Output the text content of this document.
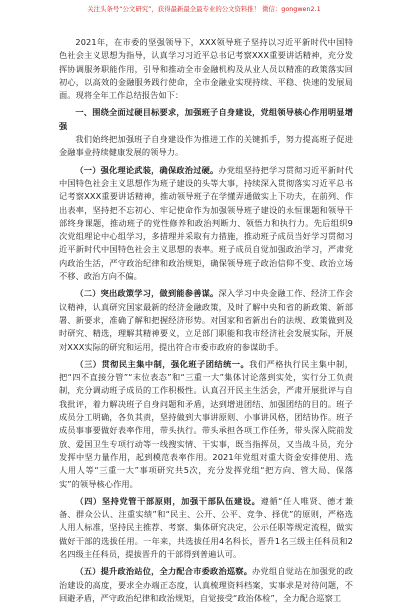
关注头条号“公文研究”，获得最新最全最专业的公文资料推！ 微信：gongwen2.1

2021年，在市委的坚强领导下，XXX领导班子坚持以习近平新时代中国特色社会主义思想为指导，认真学习习近平总书记考察XXX重要讲话精神，充分发挥协调服务职能作用，引导和推动全市金融机构及从业人员以精准的政策落实回初心，以高效的金融服务践行使命，全市金融业实现持续、平稳、快速的发展局面。现将全年工作总结报告如下：

一、围绕全面过硬目标要求，加强班子自身建设，党组领导核心作用明显增强

我们始终把加强班子自身建设作为推进工作的关键抓手，努力提高班子促进金融事业持续健康发展的领导力。

（一）强化理论武装，确保政治过硬。办党组坚持把学习贯彻习近平新时代中国特色社会主义思想作为班子建设的头等大事，持续深入贯彻落实习近平总书记考察XXX重要讲话精神，推动领导班子在学懂弄通做实上下功夫，在前列、作出表率，坚持把不忘初心、牢记使命作为加强领导班子建设的永恒课题和领导干部终身课题，推动班子的党性修养和政治判断力、领悟力和执行力。先后组织9次党组理论中心组学习，多措理并采取有力措施，推动班子成员当好学习贯彻习近平新时代中国特色社会主义思想的表率。班子成员自觉加强政治学习，严肃党内政治生活，严守政治纪律和政治规矩，确保领导班子政治信仰不变、政治立场不移、政治方向不偏。

（二）突出政策学习，做到能参善谋。深入学习中央金融工作、经济工作会议精神，认真研究国家最新的经济金融政策，及时了解中央和省的新政策、新部署、新要求，准确了解和把握经济形势。对国家和省新出台的法规、政策做到及时研究、精选，理解其精神要义，立足部门职能和我市经济社会发展实际，开展对XXX实际的研究和运用，提出符合市委市政府的参谋助手。

（三）贯彻民主集中制，强化班子团结统一。我们严格执行民主集中制，把“四不直接分管”“末位表态”和“三重一大”集体讨论落到实处，实行分工负责制，充分调动班子成员的工作积极性。认真召开民主生活会，严肃开展批评与自我批评，着力解决班子自身问题和矛盾，达到增进团结、加强团结的目的。班子成员分工明确，各负其责，坚持做到大事讲原则、小事讲风格，团结协作。班子成员事事要做好表率作用，带头执行。带头承担各项工作任务，带头深入院前发放、爱国卫生专项行动等一线搜实情、干实事，既当指挥员，又当战斗员，充分发挥中坚力量作用，起到模范表率作用。2021年党组对重大资金安排使用、选人用人等“三重一大”事项研究共5次，充分发挥党组“把方向、管大局、保落实”的领导核心作用。

（四）坚持党管干部原则，加强干部队伍建设。遵循“任人唯贤、德才兼备、群众公认、注重实绩”和“民主、公开、公平、竞争、择优”的原则，严格选人用人标准，坚持民主推荐、考察、集体研究决定，公示任职等规定流程，做实做好干部的选拔任用。一年来，共选拔任用4名科长，晋升1名三级主任科员和2名四级主任科员，提拔晋升的干部得到普遍认可。

（五）提升政治站位，全力配合市委政治巡察。办党组自觉站在加强党的政治建设的高度，要求全办端正态度，认真梳理资料档案，实事求是对待问题，不回避矛盾，严守政治纪律和政治规矩，自觉接受“政治体检”，全力配合巡察工
